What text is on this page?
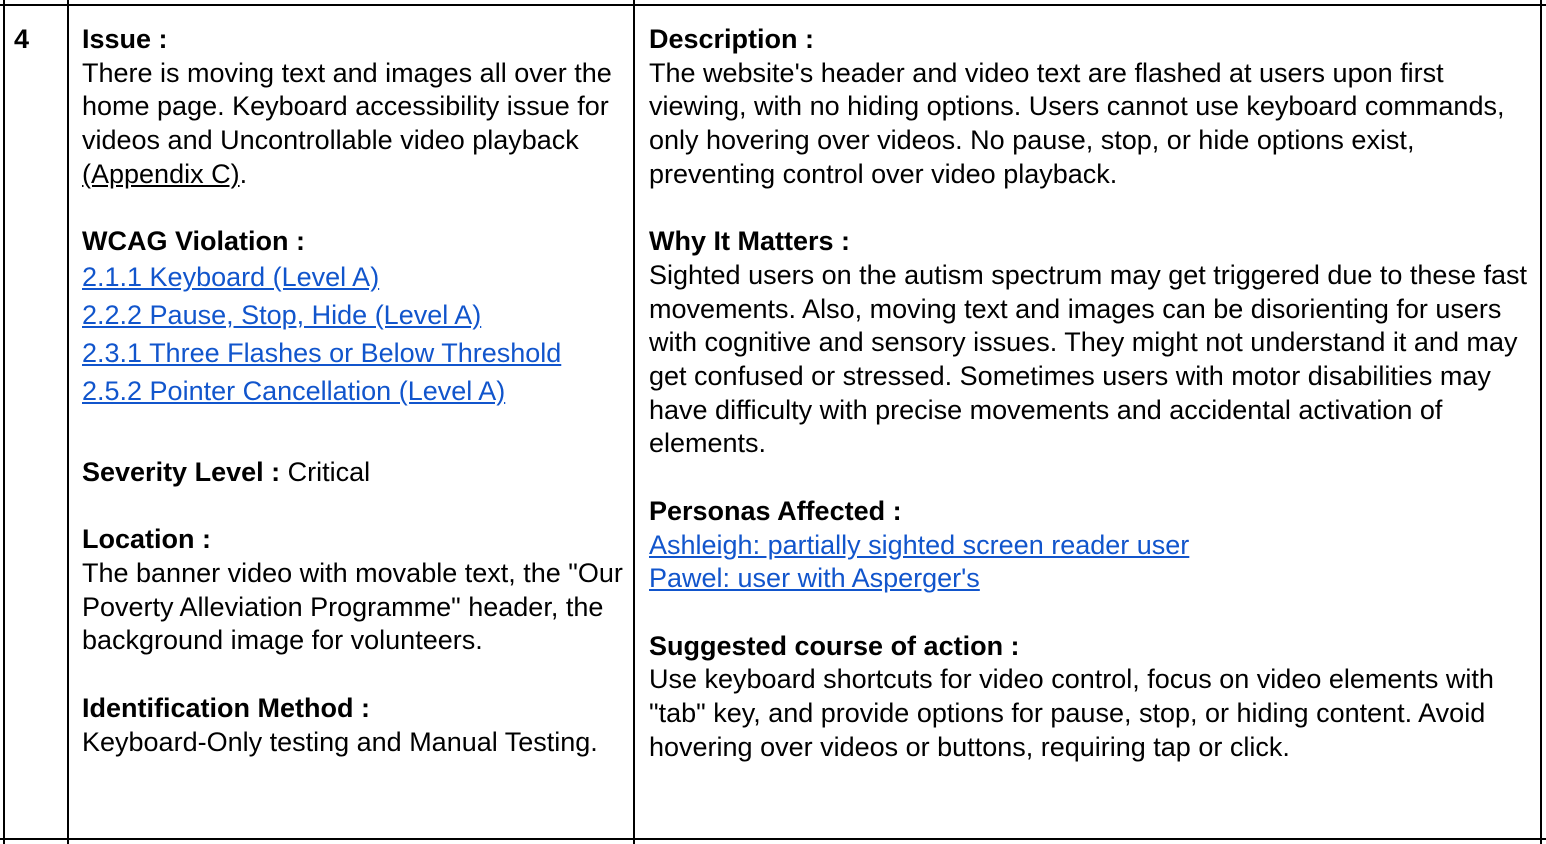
4	Issue :
There is moving text and images all over the home page. Keyboard accessibility issue for videos and Uncontrollable video playback (Appendix C).
WCAG Violation :
2.1.1 Keyboard (Level A)
2.2.2 Pause, Stop, Hide (Level A)
2.3.1 Three Flashes or Below Threshold
2.5.2 Pointer Cancellation (Level A)
Severity Level : Critical
Location :
The banner video with movable text, the "Our Poverty Alleviation Programme" header, the background image for volunteers.
Identification Method :
Keyboard-Only testing and Manual Testing.
Description :
The website's header and video text are flashed at users upon first viewing, with no hiding options. Users cannot use keyboard commands, only hovering over videos. No pause, stop, or hide options exist, preventing control over video playback.
Why It Matters :
Sighted users on the autism spectrum may get triggered due to these fast movements. Also, moving text and images can be disorienting for users with cognitive and sensory issues. They might not understand it and may get confused or stressed. Sometimes users with motor disabilities may have difficulty with precise movements and accidental activation of elements.
Personas Affected :
Ashleigh: partially sighted screen reader user
Pawel: user with Asperger's
Suggested course of action :
Use keyboard shortcuts for video control, focus on video elements with "tab" key, and provide options for pause, stop, or hiding content. Avoid hovering over videos or buttons, requiring tap or click.
